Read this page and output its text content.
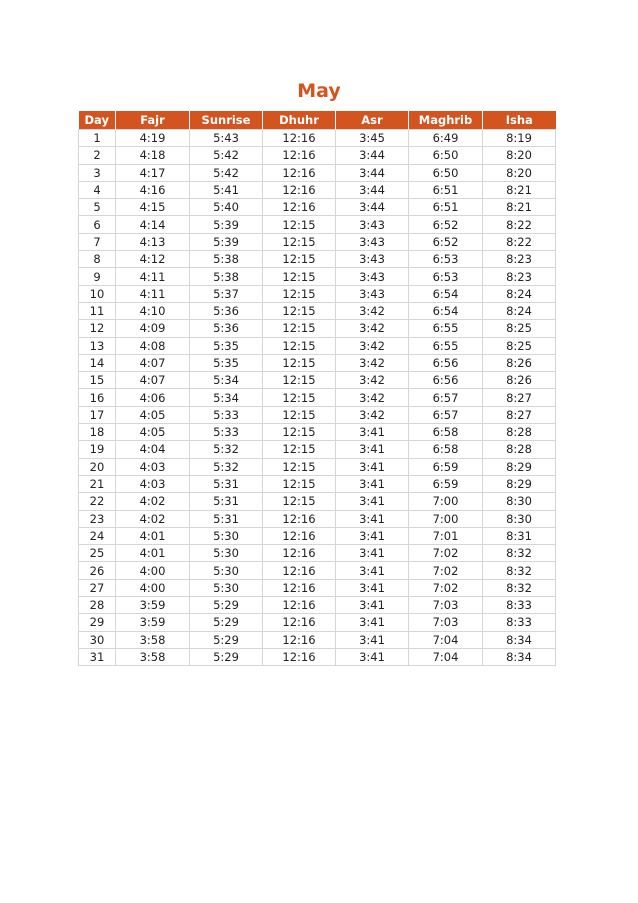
May
Day	Fajr	Sunrise	Dhuhr	Asr	Maghrib	Isha
1	4:19	5:43	12:16	3:45	6:49	8:19
2	4:18	5:42	12:16	3:44	6:50	8:20
3	4:17	5:42	12:16	3:44	6:50	8:20
4	4:16	5:41	12:16	3:44	6:51	8:21
5	4:15	5:40	12:16	3:44	6:51	8:21
6	4:14	5:39	12:15	3:43	6:52	8:22
7	4:13	5:39	12:15	3:43	6:52	8:22
8	4:12	5:38	12:15	3:43	6:53	8:23
9	4:11	5:38	12:15	3:43	6:53	8:23
10	4:11	5:37	12:15	3:43	6:54	8:24
11	4:10	5:36	12:15	3:42	6:54	8:24
12	4:09	5:36	12:15	3:42	6:55	8:25
13	4:08	5:35	12:15	3:42	6:55	8:25
14	4:07	5:35	12:15	3:42	6:56	8:26
15	4:07	5:34	12:15	3:42	6:56	8:26
16	4:06	5:34	12:15	3:42	6:57	8:27
17	4:05	5:33	12:15	3:42	6:57	8:27
18	4:05	5:33	12:15	3:41	6:58	8:28
19	4:04	5:32	12:15	3:41	6:58	8:28
20	4:03	5:32	12:15	3:41	6:59	8:29
21	4:03	5:31	12:15	3:41	6:59	8:29
22	4:02	5:31	12:15	3:41	7:00	8:30
23	4:02	5:31	12:16	3:41	7:00	8:30
24	4:01	5:30	12:16	3:41	7:01	8:31
25	4:01	5:30	12:16	3:41	7:02	8:32
26	4:00	5:30	12:16	3:41	7:02	8:32
27	4:00	5:30	12:16	3:41	7:02	8:32
28	3:59	5:29	12:16	3:41	7:03	8:33
29	3:59	5:29	12:16	3:41	7:03	8:33
30	3:58	5:29	12:16	3:41	7:04	8:34
31	3:58	5:29	12:16	3:41	7:04	8:34
